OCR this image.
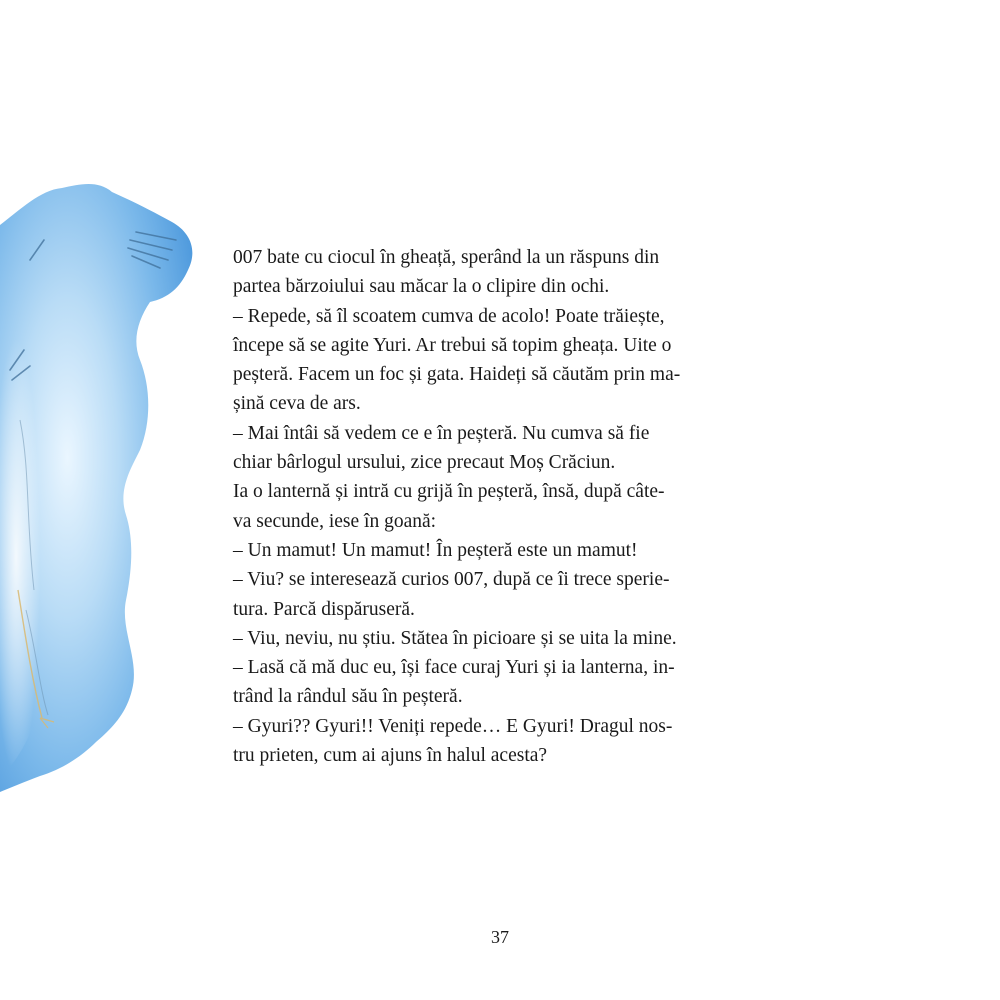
007 bate cu ciocul în gheață, sperând la un răspuns din
partea bărzoiului sau măcar la o clipire din ochi.
– Repede, să îl scoatem cumva de acolo! Poate trăiește,
începe să se agite Yuri. Ar trebui să topim gheața. Uite o
peșteră. Facem un foc și gata. Haideți să căutăm prin ma-
șină ceva de ars.
– Mai întâi să vedem ce e în peșteră. Nu cumva să fie
chiar bârlogul ursului, zice precaut Moș Crăciun.
Ia o lanternă și intră cu grijă în peșteră, însă, după câte-
va secunde, iese în goană:
– Un mamut! Un mamut! În peșteră este un mamut!
– Viu? se interesează curios 007, după ce îi trece sperie-
tura. Parcă dispăruseră.
– Viu, neviu, nu știu. Stătea în picioare și se uita la mine.
– Lasă că mă duc eu, își face curaj Yuri și ia lanterna, in-
trând la rândul său în peșteră.
– Gyuri?? Gyuri!! Veniți repede… E Gyuri! Dragul nos-
tru prieten, cum ai ajuns în halul acesta?
37
